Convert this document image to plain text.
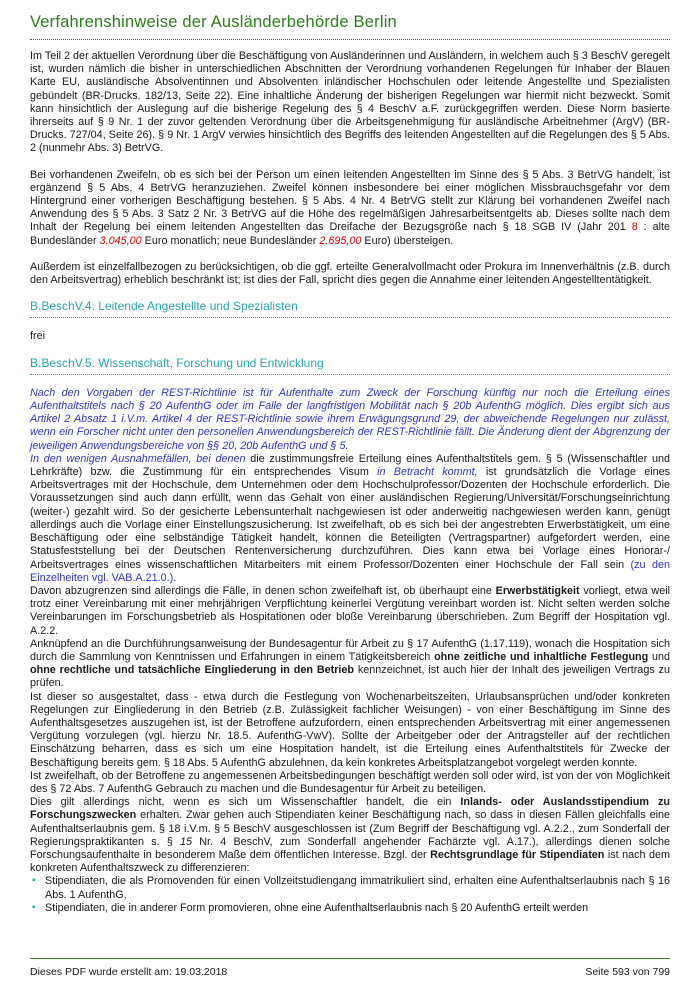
Verfahrenshinweise der Ausländerbehörde Berlin

Im Teil 2 der aktuellen Verordnung über die Beschäftigung von Ausländerinnen und Ausländern, in welchem auch § 3 BeschV geregelt ist, wurden nämlich die bisher in unterschiedlichen Abschnitten der Verordnung vorhandenen Regelungen für Inhaber der Blauen Karte EU, ausländische Absolventinnen und Absolventen inländischer Hochschulen oder leitende Angestellte und Spezialisten gebündelt (BR-Drucks. 182/13, Seite 22). Eine inhaltliche Änderung der bisherigen Regelungen war hiermit nicht bezweckt. Somit kann hinsichtlich der Auslegung auf die bisherige Regelung des § 4 BeschV a.F. zurückgegriffen werden. Diese Norm basierte ihrerseits auf § 9 Nr. 1 der zuvor geltenden Verordnung über die Arbeitsgenehmigung für ausländische Arbeitnehmer (ArgV) (BR-Drucks. 727/04, Seite 26). § 9 Nr. 1 ArgV verwies hinsichtlich des Begriffs des leitenden Angestellten auf die Regelungen des § 5 Abs. 2 (nunmehr Abs. 3) BetrVG.

Bei vorhandenen Zweifeln, ob es sich bei der Person um einen leitenden Angestellten im Sinne des § 5 Abs. 3 BetrVG handelt, ist ergänzend § 5 Abs. 4 BetrVG heranzuziehen. Zweifel können insbesondere bei einer möglichen Missbrauchsgefahr vor dem Hintergrund einer vorherigen Beschäftigung bestehen. § 5 Abs. 4 Nr. 4 BetrVG stellt zur Klärung bei vorhandenen Zweifel nach Anwendung des § 5 Abs. 3 Satz 2 Nr. 3 BetrVG auf die Höhe des regelmäßigen Jahresarbeitsentgelts ab. Dieses sollte nach dem Inhalt der Regelung bei einem leitenden Angestellten das Dreifache der Bezugsgröße nach § 18 SGB IV (Jahr 201 8 : alte Bundesländer 3.045,00 Euro monatlich; neue Bundesländer 2.695,00 Euro) übersteigen.

Außerdem ist einzelfallbezogen zu berücksichtigen, ob die ggf. erteilte Generalvollmacht oder Prokura im Innenverhältnis (z.B. durch den Arbeitsvertrag) erheblich beschränkt ist; ist dies der Fall, spricht dies gegen die Annahme einer leitenden Angestelltentätigkeit.

B.BeschV.4. Leitende Angestellte und Spezialisten

frei

B.BeschV.5. Wissenschaft, Forschung und Entwicklung

Nach den Vorgaben der REST-Richtlinie ist für Aufenthalte zum Zweck der Forschung künftig nur noch die Erteilung eines Aufenthaltstitels nach § 20 AufenthG oder im Falle der langfristigen Mobilität nach § 20b AufenthG möglich. Dies ergibt sich aus Artikel 2 Absatz 1 i.V.m. Artikel 4 der REST-Richtlinie sowie ihrem Erwägungsgrund 29, der abweichende Regelungen nur zulässt, wenn ein Forscher nicht unter den personellen Anwendungsbereich der REST-Richtlinie fällt. Die Änderung dient der Abgrenzung der jeweiligen Anwendungsbereiche von §§ 20, 20b AufenthG und § 5.

In den wenigen Ausnahmefällen, bei denen die zustimmungsfreie Erteilung eines Aufenthaltstitels gem. § 5 (Wissenschaftler und Lehrkräfte) bzw. die Zustimmung für ein entsprechendes Visum in Betracht kommt, ist grundsätzlich die Vorlage eines Arbeitsvertrages mit der Hochschule, dem Unternehmen oder dem Hochschulprofessor/Dozenten der Hochschule erforderlich. Die Voraussetzungen sind auch dann erfüllt, wenn das Gehalt von einer ausländischen Regierung/Universität/Forschungseinrichtung (weiter-) gezahlt wird. So der gesicherte Lebensunterhalt nachgewiesen ist oder anderweitig nachgewiesen werden kann, genügt allerdings auch die Vorlage einer Einstellungszusicherung. Ist zweifelhaft, ob es sich bei der angestrebten Erwerbstätigkeit, um eine Beschäftigung oder eine selbständige Tätigkeit handelt, können die Beteiligten (Vertragspartner) aufgefordert werden, eine Statusfeststellung bei der Deutschen Rentenversicherung durchzuführen. Dies kann etwa bei Vorlage eines Honorar-/ Arbeitsvertrages eines wissenschaftlichen Mitarbeiters mit einem Professor/Dozenten einer Hochschule der Fall sein (zu den Einzelheiten vgl. VAB.A.21.0.).

Davon abzugrenzen sind allerdings die Fälle, in denen schon zweifelhaft ist, ob überhaupt eine Erwerbstätigkeit vorliegt, etwa weil trotz einer Vereinbarung mit einer mehrjährigen Verpflichtung keinerlei Vergütung vereinbart worden ist. Nicht selten werden solche Vereinbarungen im Forschungsbetrieb als Hospitationen oder bloße Vereinbarung überschrieben. Zum Begriff der Hospitation vgl. A.2.2.

Anknüpfend an die Durchführungsanweisung der Bundesagentur für Arbeit zu § 17 AufenthG (1.17.119), wonach die Hospitation sich durch die Sammlung von Kenntnissen und Erfahrungen in einem Tätigkeitsbereich ohne zeitliche und inhaltliche Festlegung und ohne rechtliche und tatsächliche Eingliederung in den Betrieb kennzeichnet, ist auch hier der Inhalt des jeweiligen Vertrags zu prüfen.

Ist dieser so ausgestaltet, dass - etwa durch die Festlegung von Wochenarbeitszeiten, Urlaubsansprüchen und/oder konkreten Regelungen zur Eingliederung in den Betrieb (z.B. Zulässigkeit fachlicher Weisungen) - von einer Beschäftigung im Sinne des Aufenthaltsgesetzes auszugehen ist, ist der Betroffene aufzufordern, einen entsprechenden Arbeitsvertrag mit einer angemessenen Vergütung vorzulegen (vgl. hierzu Nr. 18.5. AufenthG-VwV). Sollte der Arbeitgeber oder der Antragsteller auf der rechtlichen Einschätzung beharren, dass es sich um eine Hospitation handelt, ist die Erteilung eines Aufenthaltstitels für Zwecke der Beschäftigung bereits gem. § 18 Abs. 5 AufenthG abzulehnen, da kein konkretes Arbeitsplatzangebot vorgelegt werden konnte.

Ist zweifelhaft, ob der Betroffene zu angemessenen Arbeitsbedingungen beschäftigt werden soll oder wird, ist von der von Möglichkeit des § 72 Abs. 7 AufenthG Gebrauch zu machen und die Bundesagentur für Arbeit zu beteiligen.

Dies gilt allerdings nicht, wenn es sich um Wissenschaftler handelt, die ein Inlands- oder Auslandsstipendium zu Forschungszwecken erhalten. Zwar gehen auch Stipendiaten keiner Beschäftigung nach, so dass in diesen Fällen gleichfalls eine Aufenthaltserlaubnis gem. § 18 i.V.m. § 5 BeschV ausgeschlossen ist (Zum Begriff der Beschäftigung vgl. A.2.2., zum Sonderfall der Regierungspraktikanten s. § 15 Nr. 4 BeschV, zum Sonderfall angehender Fachärzte vgl. A.17.), allerdings dienen solche Forschungsaufenthalte in besonderem Maße dem öffentlichen Interesse. Bzgl. der Rechtsgrundlage für Stipendiaten ist nach dem konkreten Aufenthaltszweck zu differenzieren:

▪ Stipendiaten, die als Promovenden für einen Vollzeitstudiengang immatrikuliert sind, erhalten eine Aufenthaltserlaubnis nach § 16 Abs. 1 AufenthG,

▪ Stipendiaten, die in anderer Form promovieren, ohne eine Aufenthaltserlaubnis nach § 20 AufenthG erteilt werden

Dieses PDF wurde erstellt am: 19.03.2018	Seite 593 von 799
